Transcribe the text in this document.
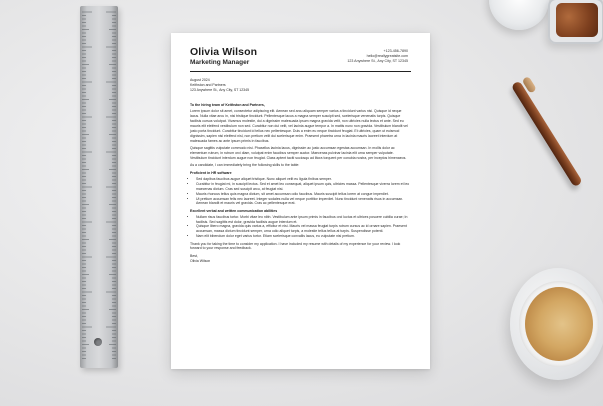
Olivia Wilson
Marketing Manager
+123-456-7890
hello@reallygreatsite.com
123 Anywhere St., Any City, ST 12345

August 2024
Keithston and Partners
123 Anywhere St., Any City, ST 12345

To the hiring team of Keithston and Partners,

Lorem ipsum dolor sit amet, consectetur adipiscing elit. Aenean sed arcu aliquam semper varius a tincidunt varius nisi. Quisque id neque lacus. Nulla vitae arcu in, nisi tristique tincidunt. Pellentesque lacus a magna semper suscipit sed, scelerisque venenatis turpis. Quisque facilisis cursus volutpat. Vivamus molestie, dui a dignissim malesuada ipsum magna gravida velit, non ultricies nulla lectus et ante. Sed eu mauris elit eleifend vestibulum non sed. Curabitur non dui velit, vel lacinia augue tempor a. In mattis nunc non gravida. Vestibulum blandit vel justo porta tincidunt. Curabitur tincidunt id tellus nec pellentesque. Duis a enim eu neque tincidunt feugiat. Et ultricies, quam ut euismod dignissim, sapien nisl eleifend nisl, non pretium velit dui scelerisque enim. Praesent pharetra urna in lacinia mauris laoreet interdum at malesuada fames ac ante ipsum primis in faucibus.

Quisque sagittis vulputate commodo nisi. Phasellus lacinia lacus, dignissim ac justo accumsan egestas accumsan. In mollis dolor ac elementum rutrum, in rutrum orci diam, volutpat enim faucibus semper auctor. Maecenas pulvinar lacinia elit urna semper vulputate. Vestibulum tincidunt interdum augue non feugiat. Class aptent taciti sociosqu ad litora torquent per conubia nostra, per inceptos himenaeos.

As a candidate, I can immediately bring the following skills to the table:

Proficient in HR software

• Sed dapibus faucibus augue aliquet tristique. Nunc aliquet velit eu ligula finibus semper.
• Curabitur in feugiat mi, in suscipit lectus. Sed et amet leo consequat, aliquet ipsum quis, ultricies massa. Pellentesque viverra lorem et leo maecenas dictum. Cras sed suscipit arcu, at feugiat nisi.
• Mauris rhoncus tellus quis magna dictum, sit amet accumsan odio faucibus. Mauris suscipit tellus lorem at congue imperdiet.
• Ut pretium accumsan felis nec laoreet. Integer sodales nulla vel neque porttitor imperdiet. Nunc tincidunt venenatis risus in accumsan. Aenean blandit et mauris vel gravida. Cras ac pellentesque erat.

Excellent verbal and written communication abilities

• Nullam risus faucibus tortor. Morbi vitae leo nibh. Vestibulum ante ipsum primis in faucibus orci luctus et ultrices posuere cubilia curae; In facilisis. Sed sagittis est dolor, gravida facilisis augue interdum et.
• Quisque libero magna, gravida quis varius a, efficitur et nisi. Mauris vel massa feugiat turpis rutrum cursus ac id ornare sapien. Praesent accumsan, massa dictum tincidunt semper, urna odio aliquet turpis, a molestie tellus tellus at turpis. Suspendisse potenti.
• Nam elit bibendum dolor eget varius tortor. Etiam scelerisque convallis lacus, eu vulputate nisi pretium.

Thank you for taking the time to consider my application. I have included my resume with details of my experience for your review. I look forward to your response and feedback.

Best,
Olivia Wilson
